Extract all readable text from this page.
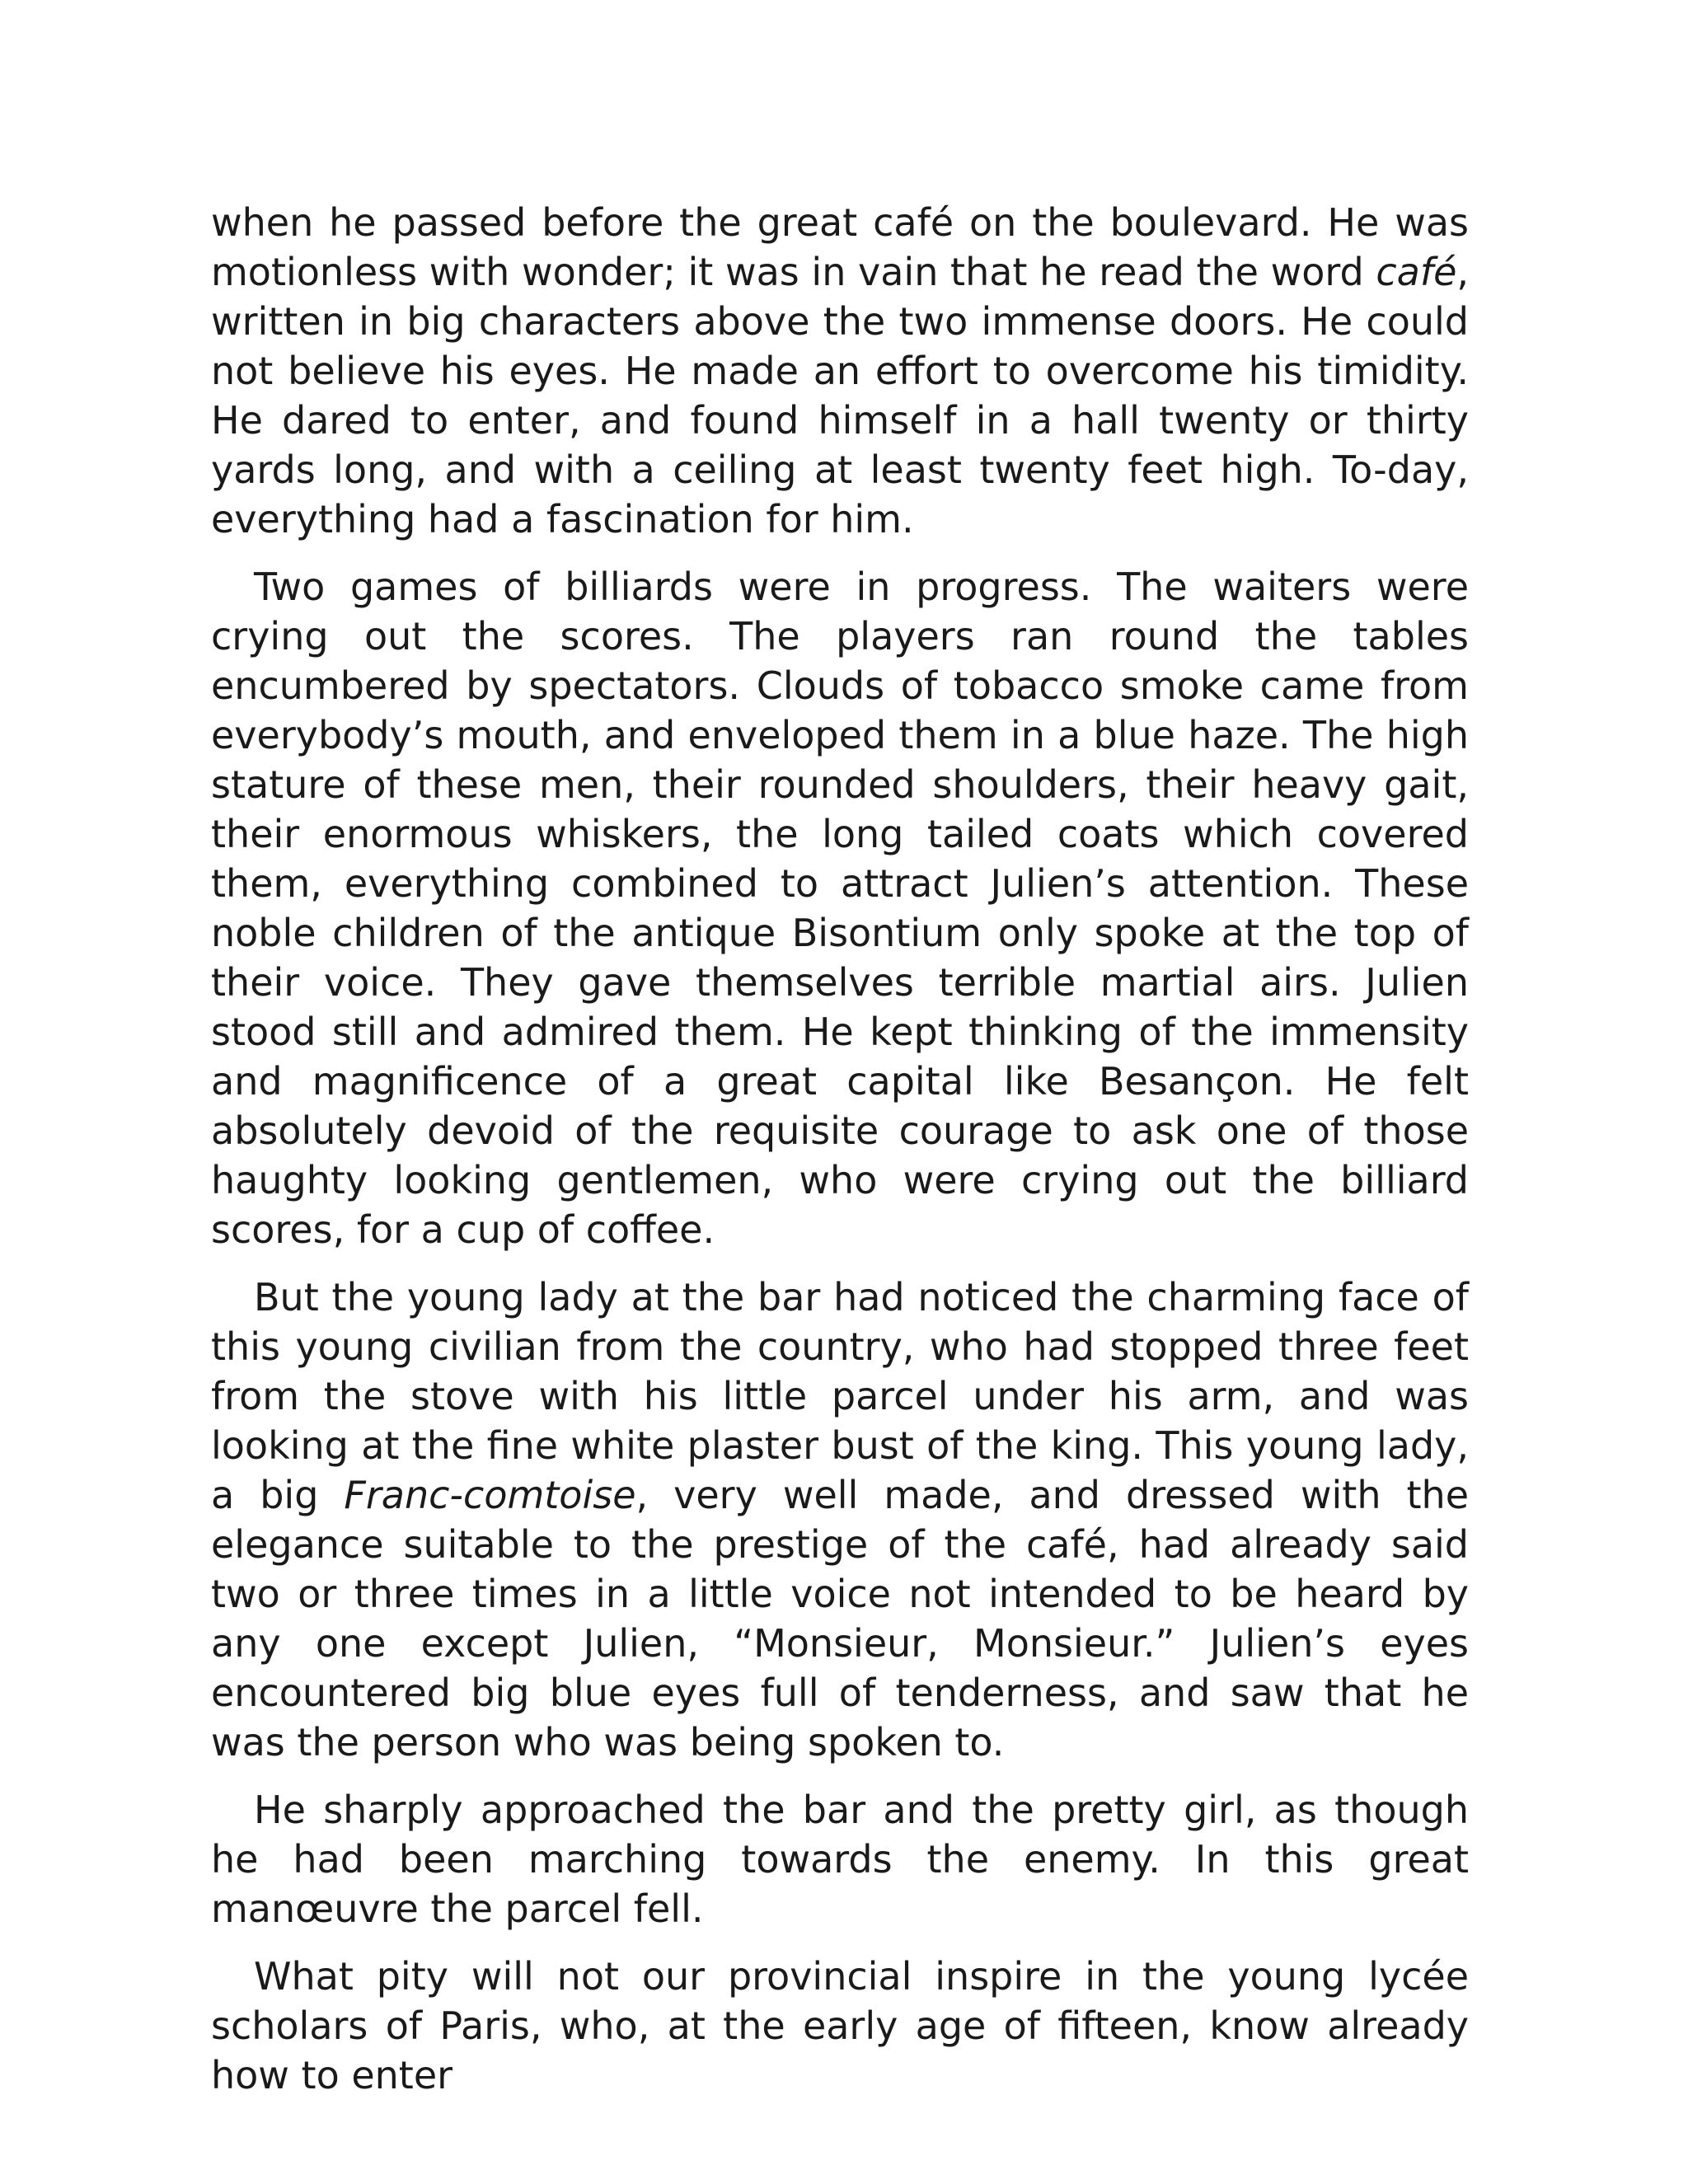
when he passed before the great café on the boulevard. He was motionless with wonder; it was in vain that he read the word café, written in big characters above the two immense doors. He could not believe his eyes. He made an effort to overcome his timidity. He dared to enter, and found himself in a hall twenty or thirty yards long, and with a ceiling at least twenty feet high. To-day, everything had a fascination for him.

Two games of billiards were in progress. The waiters were crying out the scores. The players ran round the tables encumbered by spectators. Clouds of tobacco smoke came from everybody’s mouth, and enveloped them in a blue haze. The high stature of these men, their rounded shoulders, their heavy gait, their enormous whiskers, the long tailed coats which covered them, everything combined to attract Julien’s attention. These noble children of the antique Bisontium only spoke at the top of their voice. They gave themselves terrible martial airs. Julien stood still and admired them. He kept thinking of the immensity and magnificence of a great capital like Besançon. He felt absolutely devoid of the requisite courage to ask one of those haughty looking gentlemen, who were crying out the billiard scores, for a cup of coffee.

But the young lady at the bar had noticed the charming face of this young civilian from the country, who had stopped three feet from the stove with his little parcel under his arm, and was looking at the fine white plaster bust of the king. This young lady, a big Franc-comtoise, very well made, and dressed with the elegance suitable to the prestige of the café, had already said two or three times in a little voice not intended to be heard by any one except Julien, “Monsieur, Monsieur.” Julien’s eyes encountered big blue eyes full of tenderness, and saw that he was the person who was being spoken to.

He sharply approached the bar and the pretty girl, as though he had been marching towards the enemy. In this great manœuvre the parcel fell.

What pity will not our provincial inspire in the young lycée scholars of Paris, who, at the early age of fifteen, know already how to enter
